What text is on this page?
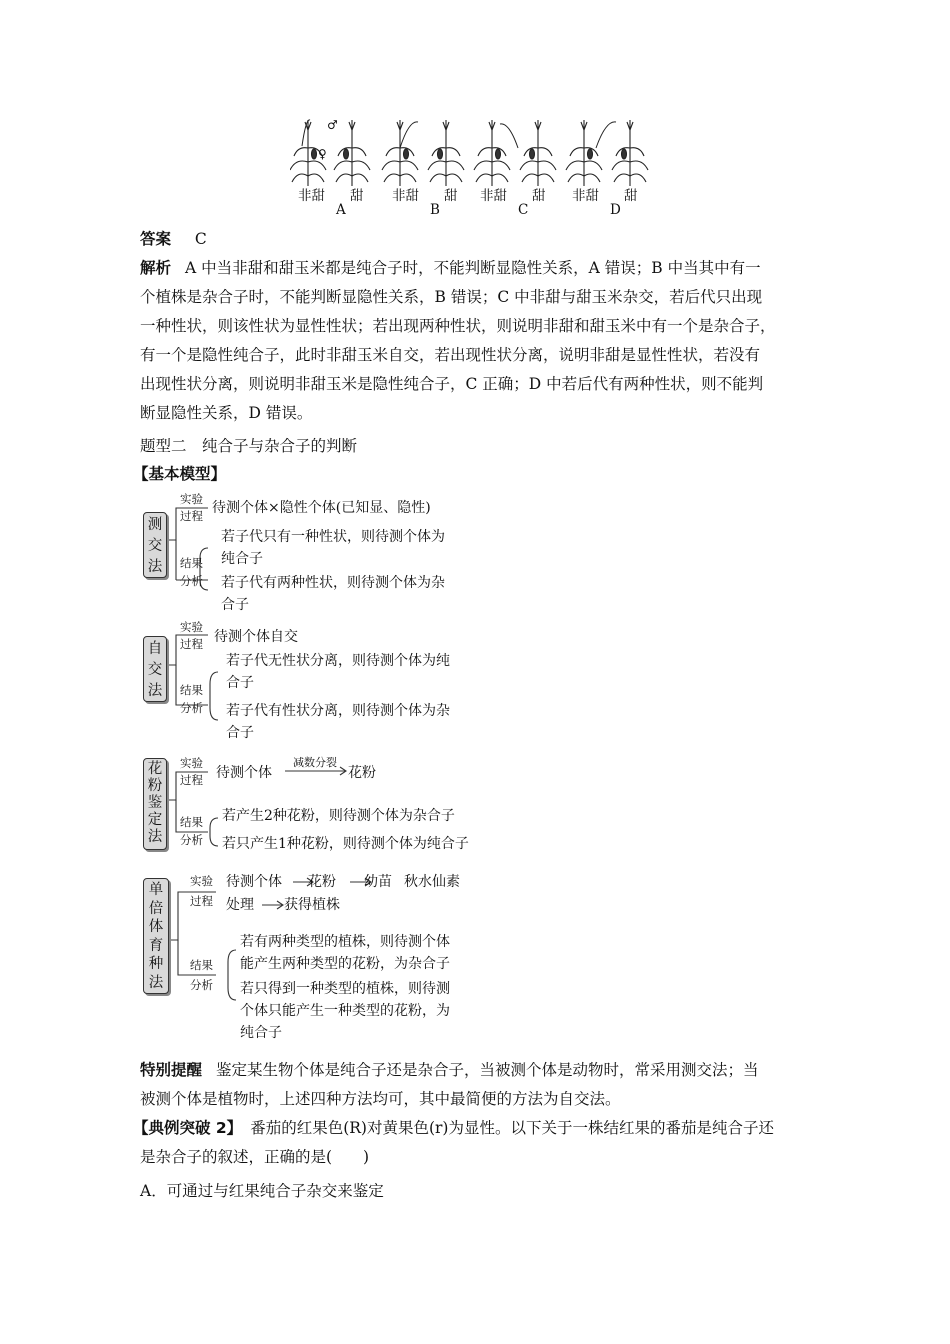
♂
♀
非甜 甜
A
非甜 甜
B
非甜 甜
C
非甜 甜
D
答案 C
解析 A 中当非甜和甜玉米都是纯合子时，不能判断显隐性关系，A 错误；B 中当其中有一
个植株是杂合子时，不能判断显隐性关系，B 错误；C 中非甜与甜玉米杂交，若后代只出现
一种性状，则该性状为显性性状；若出现两种性状，则说明非甜和甜玉米中有一个是杂合子，
有一个是隐性纯合子，此时非甜玉米自交，若出现性状分离，说明非甜是显性性状，若没有
出现性状分离，则说明非甜玉米是隐性纯合子，C 正确；D 中若后代有两种性状，则不能判
断显隐性关系，D 错误。
题型二　纯合子与杂合子的判断
【基本模型】
测
交
法
实验
过程 待测个体×隐性个体(已知显、隐性)
结果
分析
若子代只有一种性状，则待测个体为
纯合子
若子代有两种性状，则待测个体为杂
合子
自
交
法
实验
过程 待测个体自交
结果
分析
若子代无性状分离，则待测个体为纯
合子
若子代有性状分离，则待测个体为杂
合子
花
粉
鉴
定
法
实验
过程 待测个体
减数分裂
花粉
结果
分析
若产生2种花粉，则待测个体为杂合子
若只产生1种花粉，则待测个体为纯合子
单
倍
体
育
种
法
实验
过程
待测个体 花粉 幼苗 秋水仙素
处理 获得植株
结果
分析
若有两种类型的植株，则待测个体
能产生两种类型的花粉，为杂合子
若只得到一种类型的植株，则待测
个体只能产生一种类型的花粉，为
纯合子
特别提醒 鉴定某生物个体是纯合子还是杂合子，当被测个体是动物时，常采用测交法；当
被测个体是植物时，上述四种方法均可，其中最简便的方法为自交法。
【典例突破 2】 番茄的红果色(R)对黄果色(r)为显性。以下关于一株结红果的番茄是纯合子还
是杂合子的叙述，正确的是(　　)
A．可通过与红果纯合子杂交来鉴定
